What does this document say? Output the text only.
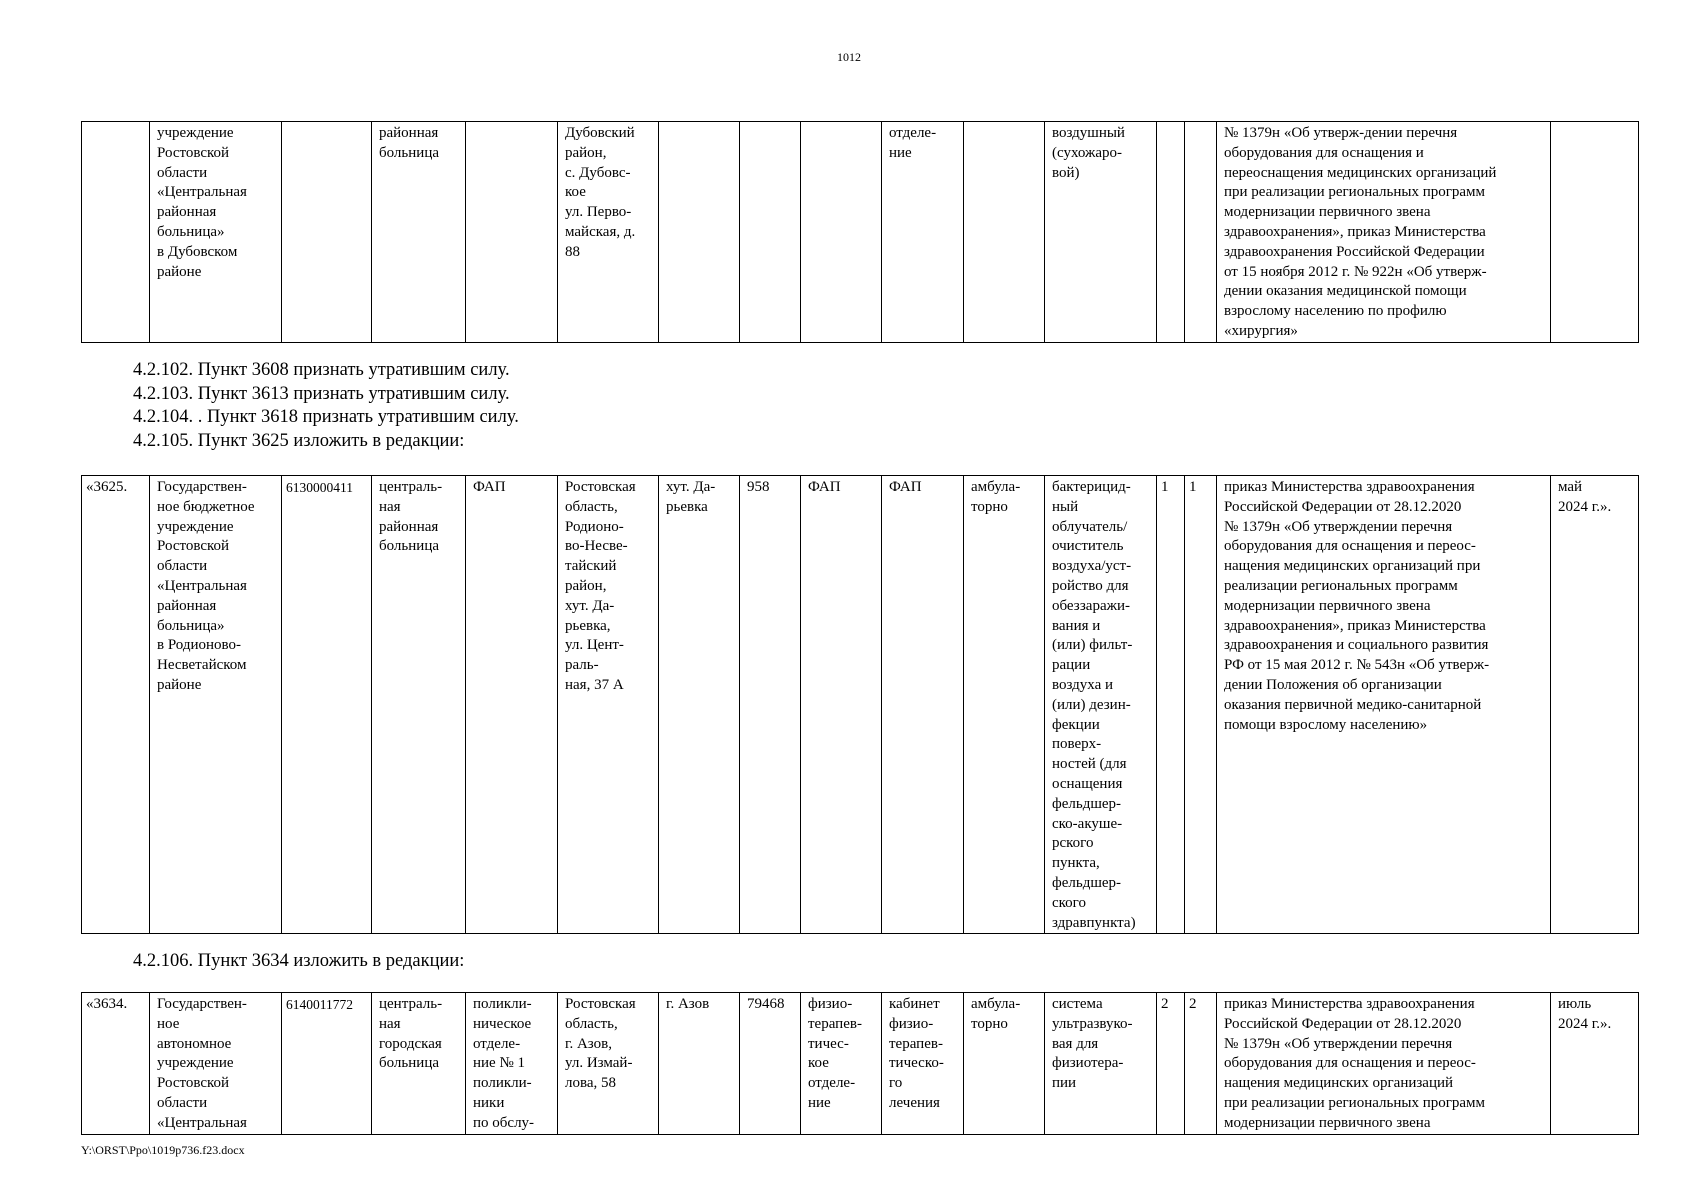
1012
	учреждение
Ростовской
области
«Центральная
районная
больница»
в Дубовском
районе		районная
больница		Дубовский
район,
с. Дубовс-
кое
ул. Перво-
майская, д.
88				отделе-
ние		воздушный
(сухожаро-
вой)			№ 1379н «Об утверж-дении перечня
оборудования для оснащения и
переоснащения медицинских организаций
при реализации региональных программ
модернизации первичного звена
здравоохранения», приказ Министерства
здравоохранения Российской Федерации
от 15 ноября 2012 г. № 922н «Об утверж-
дении оказания медицинской помощи
взрослому населению по профилю
«хирургия»	
4.2.102. Пункт 3608 признать утратившим силу.
4.2.103. Пункт 3613 признать утратившим силу.
4.2.104. . Пункт 3618 признать утратившим силу.
4.2.105. Пункт 3625 изложить в редакции:
«3625.	Государствен-
ное бюджетное
учреждение
Ростовской
области
«Центральная
районная
больница»
в Родионово-
Несветайском
районе	6130000411	централь-
ная
районная
больница	ФАП	Ростовская
область,
Родионо-
во-Несве-
тайский
район,
хут. Да-
рьевка,
ул. Цент-
раль-
ная, 37 А	хут. Да-
рьевка	958	ФАП	ФАП	амбула-
торно	бактерицид-
ный
облучатель/
очиститель
воздуха/уст-
ройство для
обеззаражи-
вания и
(или) фильт-
рации
воздуха и
(или) дезин-
фекции
поверх-
ностей (для
оснащения
фельдшер-
ско-акуше-
рского
пункта,
фельдшер-
ского
здравпункта)	1	1	приказ Министерства здравоохранения
Российской Федерации от 28.12.2020
№ 1379н «Об утверждении перечня
оборудования для оснащения и переос-
нащения медицинских организаций при
реализации региональных программ
модернизации первичного звена
здравоохранения», приказ Министерства
здравоохранения и социального развития
РФ от 15 мая 2012 г. № 543н «Об утверж-
дении Положения об организации
оказания первичной медико-санитарной
помощи взрослому населению»	май
2024 г.».
4.2.106. Пункт 3634 изложить в редакции:
«3634.	Государствен-
ное
автономное
учреждение
Ростовской
области
«Центральная	6140011772	централь-
ная
городская
больница	поликли-
ническое
отделе-
ние № 1
поликли-
ники
по обслу-	Ростовская
область,
г. Азов,
ул. Измай-
лова, 58	г. Азов	79468	физио-
терапев-
тичес-
кое
отделе-
ние	кабинет
физио-
терапев-
тическо-
го
лечения	амбула-
торно	система
ультразвуко-
вая для
физиотера-
пии	2	2	приказ Министерства здравоохранения
Российской Федерации от 28.12.2020
№ 1379н «Об утверждении перечня
оборудования для оснащения и переос-
нащения медицинских организаций
при реализации региональных программ
модернизации первичного звена	июль
2024 г.».
Y:\ORST\Ppo\1019p736.f23.docx
